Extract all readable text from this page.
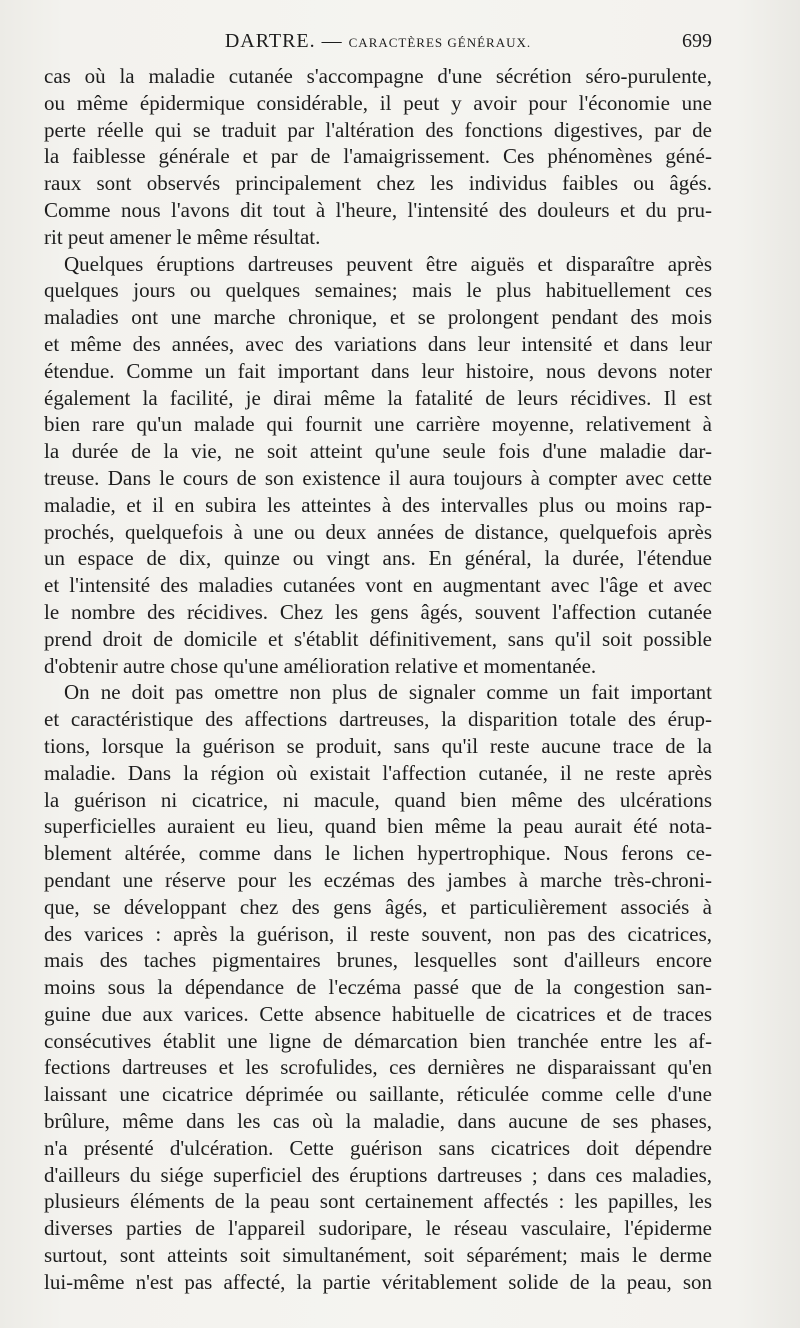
DARTRE. — CARACTÈRES GÉNÉRAUX.	699
cas où la maladie cutanée s'accompagne d'une sécrétion séro-purulente,
ou même épidermique considérable, il peut y avoir pour l'économie une
perte réelle qui se traduit par l'altération des fonctions digestives, par de
la faiblesse générale et par de l'amaigrissement. Ces phénomènes géné-
raux sont observés principalement chez les individus faibles ou âgés.
Comme nous l'avons dit tout à l'heure, l'intensité des douleurs et du pru-
rit peut amener le même résultat.
Quelques éruptions dartreuses peuvent être aiguës et disparaître après
quelques jours ou quelques semaines; mais le plus habituellement ces
maladies ont une marche chronique, et se prolongent pendant des mois
et même des années, avec des variations dans leur intensité et dans leur
étendue. Comme un fait important dans leur histoire, nous devons noter
également la facilité, je dirai même la fatalité de leurs récidives. Il est
bien rare qu'un malade qui fournit une carrière moyenne, relativement à
la durée de la vie, ne soit atteint qu'une seule fois d'une maladie dar-
treuse. Dans le cours de son existence il aura toujours à compter avec cette
maladie, et il en subira les atteintes à des intervalles plus ou moins rap-
prochés, quelquefois à une ou deux années de distance, quelquefois après
un espace de dix, quinze ou vingt ans. En général, la durée, l'étendue
et l'intensité des maladies cutanées vont en augmentant avec l'âge et avec
le nombre des récidives. Chez les gens âgés, souvent l'affection cutanée
prend droit de domicile et s'établit définitivement, sans qu'il soit possible
d'obtenir autre chose qu'une amélioration relative et momentanée.
On ne doit pas omettre non plus de signaler comme un fait important
et caractéristique des affections dartreuses, la disparition totale des érup-
tions, lorsque la guérison se produit, sans qu'il reste aucune trace de la
maladie. Dans la région où existait l'affection cutanée, il ne reste après
la guérison ni cicatrice, ni macule, quand bien même des ulcérations
superficielles auraient eu lieu, quand bien même la peau aurait été nota-
blement altérée, comme dans le lichen hypertrophique. Nous ferons ce-
pendant une réserve pour les eczémas des jambes à marche très-chroni-
que, se développant chez des gens âgés, et particulièrement associés à
des varices : après la guérison, il reste souvent, non pas des cicatrices,
mais des taches pigmentaires brunes, lesquelles sont d'ailleurs encore
moins sous la dépendance de l'eczéma passé que de la congestion san-
guine due aux varices. Cette absence habituelle de cicatrices et de traces
consécutives établit une ligne de démarcation bien tranchée entre les af-
fections dartreuses et les scrofulides, ces dernières ne disparaissant qu'en
laissant une cicatrice déprimée ou saillante, réticulée comme celle d'une
brûlure, même dans les cas où la maladie, dans aucune de ses phases,
n'a présenté d'ulcération. Cette guérison sans cicatrices doit dépendre
d'ailleurs du siége superficiel des éruptions dartreuses ; dans ces maladies,
plusieurs éléments de la peau sont certainement affectés : les papilles, les
diverses parties de l'appareil sudoripare, le réseau vasculaire, l'épiderme
surtout, sont atteints soit simultanément, soit séparément; mais le derme
lui-même n'est pas affecté, la partie véritablement solide de la peau, son
